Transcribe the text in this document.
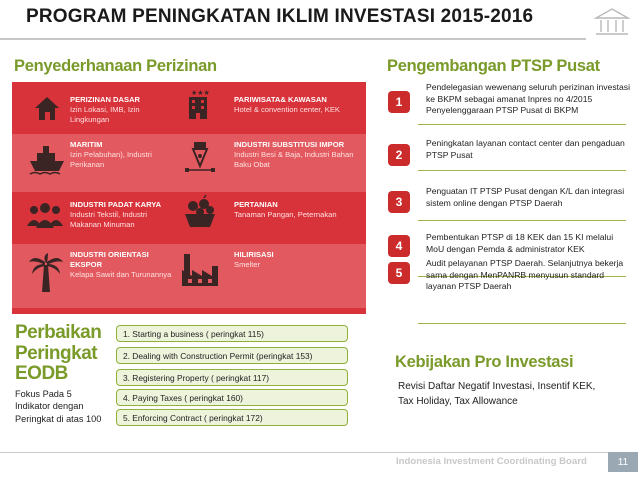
PROGRAM PENINGKATAN IKLIM INVESTASI 2015-2016
Penyederhanaan Perizinan	Pengembangan PTSP Pusat
Kebijakan Pro Investasi
PERIZINAN DASAR
Izin Lokasi, IMB, Izin Lingkungan
★★★
PARIWISATA& KAWASAN
Hotel & convention center, KEK
MARITIM
Izin Pelabuhan), Industri Perikanan
INDUSTRI SUBSTITUSI IMPOR
Industri Besi & Baja, Industri Bahan Baku Obat
INDUSTRI PADAT KARYA
Industri Tekstil, Industri Makanan Minuman
PERTANIAN
Tanaman Pangan, Peternakan
INDUSTRI ORIENTASI EKSPOR
Kelapa Sawit dan Turunannya
HILIRISASI
Smelter
1
Pendelegasian wewenang seluruh perizinan investasi ke BKPM sebagai amanat Inpres no 4/2015 Penyelenggaraan PTSP Pusat di BKPM
2
Peningkatan layanan contact center dan pengaduan PTSP Pusat
3
Penguatan IT PTSP Pusat dengan K/L dan integrasi sistem online dengan PTSP Daerah
4
Pembentukan PTSP di 18 KEK dan 15 KI melalui MoU dengan Pemda & administrator KEK
5
Audit pelayanan PTSP Daerah. Selanjutnya bekerja sama dengan MenPANRB menyusun standard layanan PTSP Daerah
Perbaikan
Peringkat
EODB
Fokus Pada 5
Indikator dengan
Peringkat di atas 100
1. Starting a business ( peringkat 115)
2. Dealing with Construction Permit (peringkat 153)
3. Registering Property ( peringkat 117)
4. Paying Taxes ( peringkat 160)
5. Enforcing Contract ( peringkat 172)
Revisi Daftar Negatif Investasi, Insentif KEK, Tax Holiday, Tax Allowance
Indonesia Investment Coordinating Board	11
